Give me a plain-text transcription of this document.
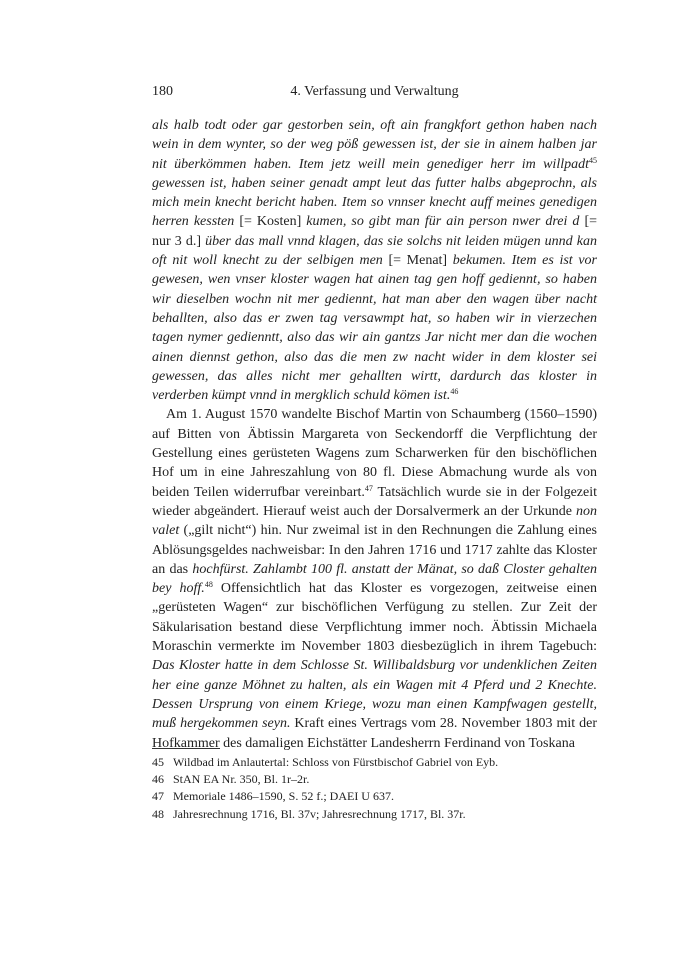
180	4. Verfassung und Verwaltung

als halb todt oder gar gestorben sein, oft ain frangkfort gethon haben nach wein in dem wynter, so der weg pöß gewessen ist, der sie in ainem halben jar nit überkömmen haben. Item jetz weill mein genediger herr im willpadt$^{45}$ gewessen ist, haben seiner genadt ampt leut das futter halbs abgeprochn, als mich mein knecht bericht haben. Item so vnnser knecht auff meines genedigen herren kessten [= Kosten] kumen, so gibt man für ain person nwer drei d [= nur 3 d.] über das mall vnnd klagen, das sie solchs nit leiden mügen unnd kan oft nit woll knecht zu der selbigen men [= Menat] bekumen. Item es ist vor gewesen, wen vnser kloster wagen hat ainen tag gen hoff gediennt, so haben wir dieselben wochn nit mer gediennt, hat man aber den wagen über nacht behallten, also das er zwen tag versawmpt hat, so haben wir in vierzechen tagen nymer gedienntt, also das wir ain gantzs Jar nicht mer dan die wochen ainen diennst gethon, also das die men zw nacht wider in dem kloster sei gewessen, das alles nicht mer gehallten wirtt, dardurch das kloster in verderben kümpt vnnd in mergklich schuld kömen ist.$^{46}$

Am 1. August 1570 wandelte Bischof Martin von Schaumberg (1560–1590) auf Bitten von Äbtissin Margareta von Seckendorff die Verpflichtung der Gestellung eines gerüsteten Wagens zum Scharwerken für den bischöflichen Hof um in eine Jahreszahlung von 80 fl. Diese Abmachung wurde als von beiden Teilen widerrufbar vereinbart.$^{47}$ Tatsächlich wurde sie in der Folgezeit wieder abgeändert. Hierauf weist auch der Dorsalvermerk an der Urkunde non valet („gilt nicht“) hin. Nur zweimal ist in den Rechnungen die Zahlung eines Ablösungsgeldes nachweisbar: In den Jahren 1716 und 1717 zahlte das Kloster an das hochfürst. Zahlambt 100 fl. anstatt der Mänat, so daß Closter gehalten bey hoff.$^{48}$ Offensichtlich hat das Kloster es vorgezogen, zeitweise einen „gerüsteten Wagen“ zur bischöflichen Verfügung zu stellen. Zur Zeit der Säkularisation bestand diese Verpflichtung immer noch. Äbtissin Michaela Moraschin vermerkte im November 1803 diesbezüglich in ihrem Tagebuch: Das Kloster hatte in dem Schlosse St. Willibaldsburg vor undenklichen Zeiten her eine ganze Möhnet zu halten, als ein Wagen mit 4 Pferd und 2 Knechte. Dessen Ursprung von einem Kriege, wozu man einen Kampfwagen gestellt, muß hergekommen seyn. Kraft eines Vertrags vom 28. November 1803 mit der Hofkammer des damaligen Eichstätter Landesherrn Ferdinand von Toskana

45 Wildbad im Anlautertal: Schloss von Fürstbischof Gabriel von Eyb.
46 StAN EA Nr. 350, Bl. 1r–2r.
47 Memoriale 1486–1590, S. 52 f.; DAEI U 637.
48 Jahresrechnung 1716, Bl. 37v; Jahresrechnung 1717, Bl. 37r.
